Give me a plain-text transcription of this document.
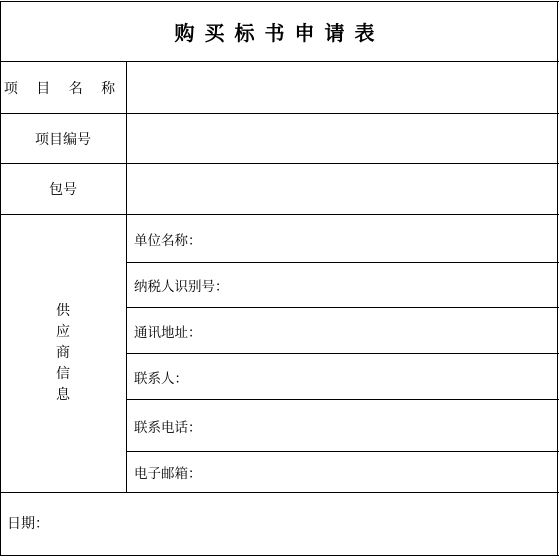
购买标书申请表
项 目 名 称
项目编号
包号
供应商信息
单位名称：
纳税人识别号：
通讯地址：
联系人：
联系电话：
电子邮箱：
日期：
